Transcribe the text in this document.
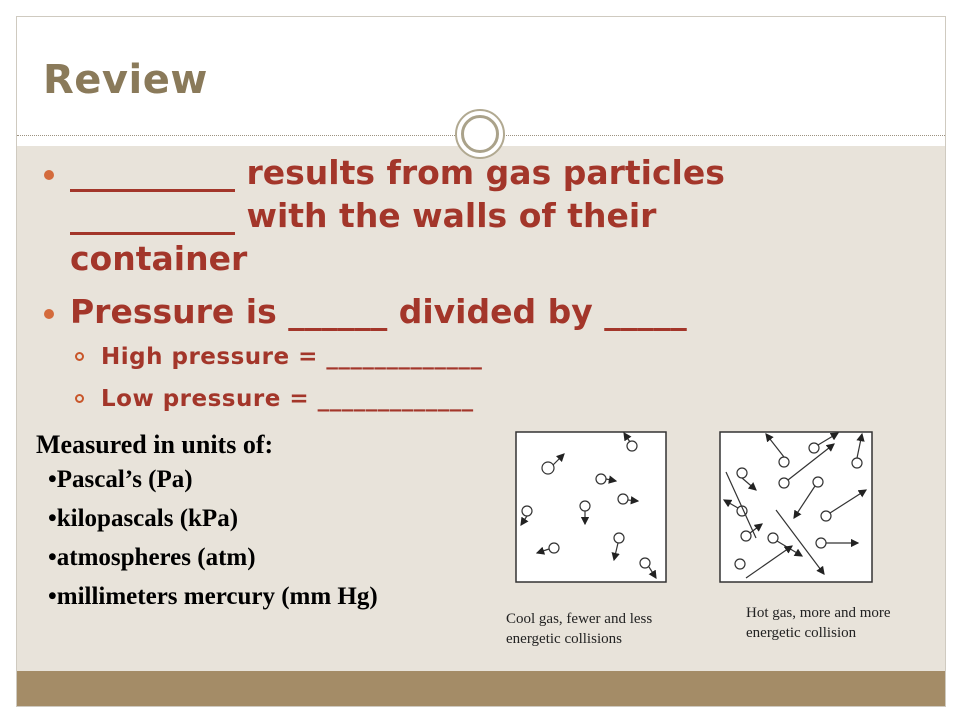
Review
__________ results from gas particles
__________ with the walls of their
container
Pressure is ______ divided by _____
High pressure = _____________
Low pressure = _____________
Measured in units of:
•Pascal’s (Pa)
•kilopascals (kPa)
•atmospheres (atm)
•millimeters mercury (mm Hg)
Cool gas, fewer and less
energetic collisions
Hot gas, more and more
energetic collision
